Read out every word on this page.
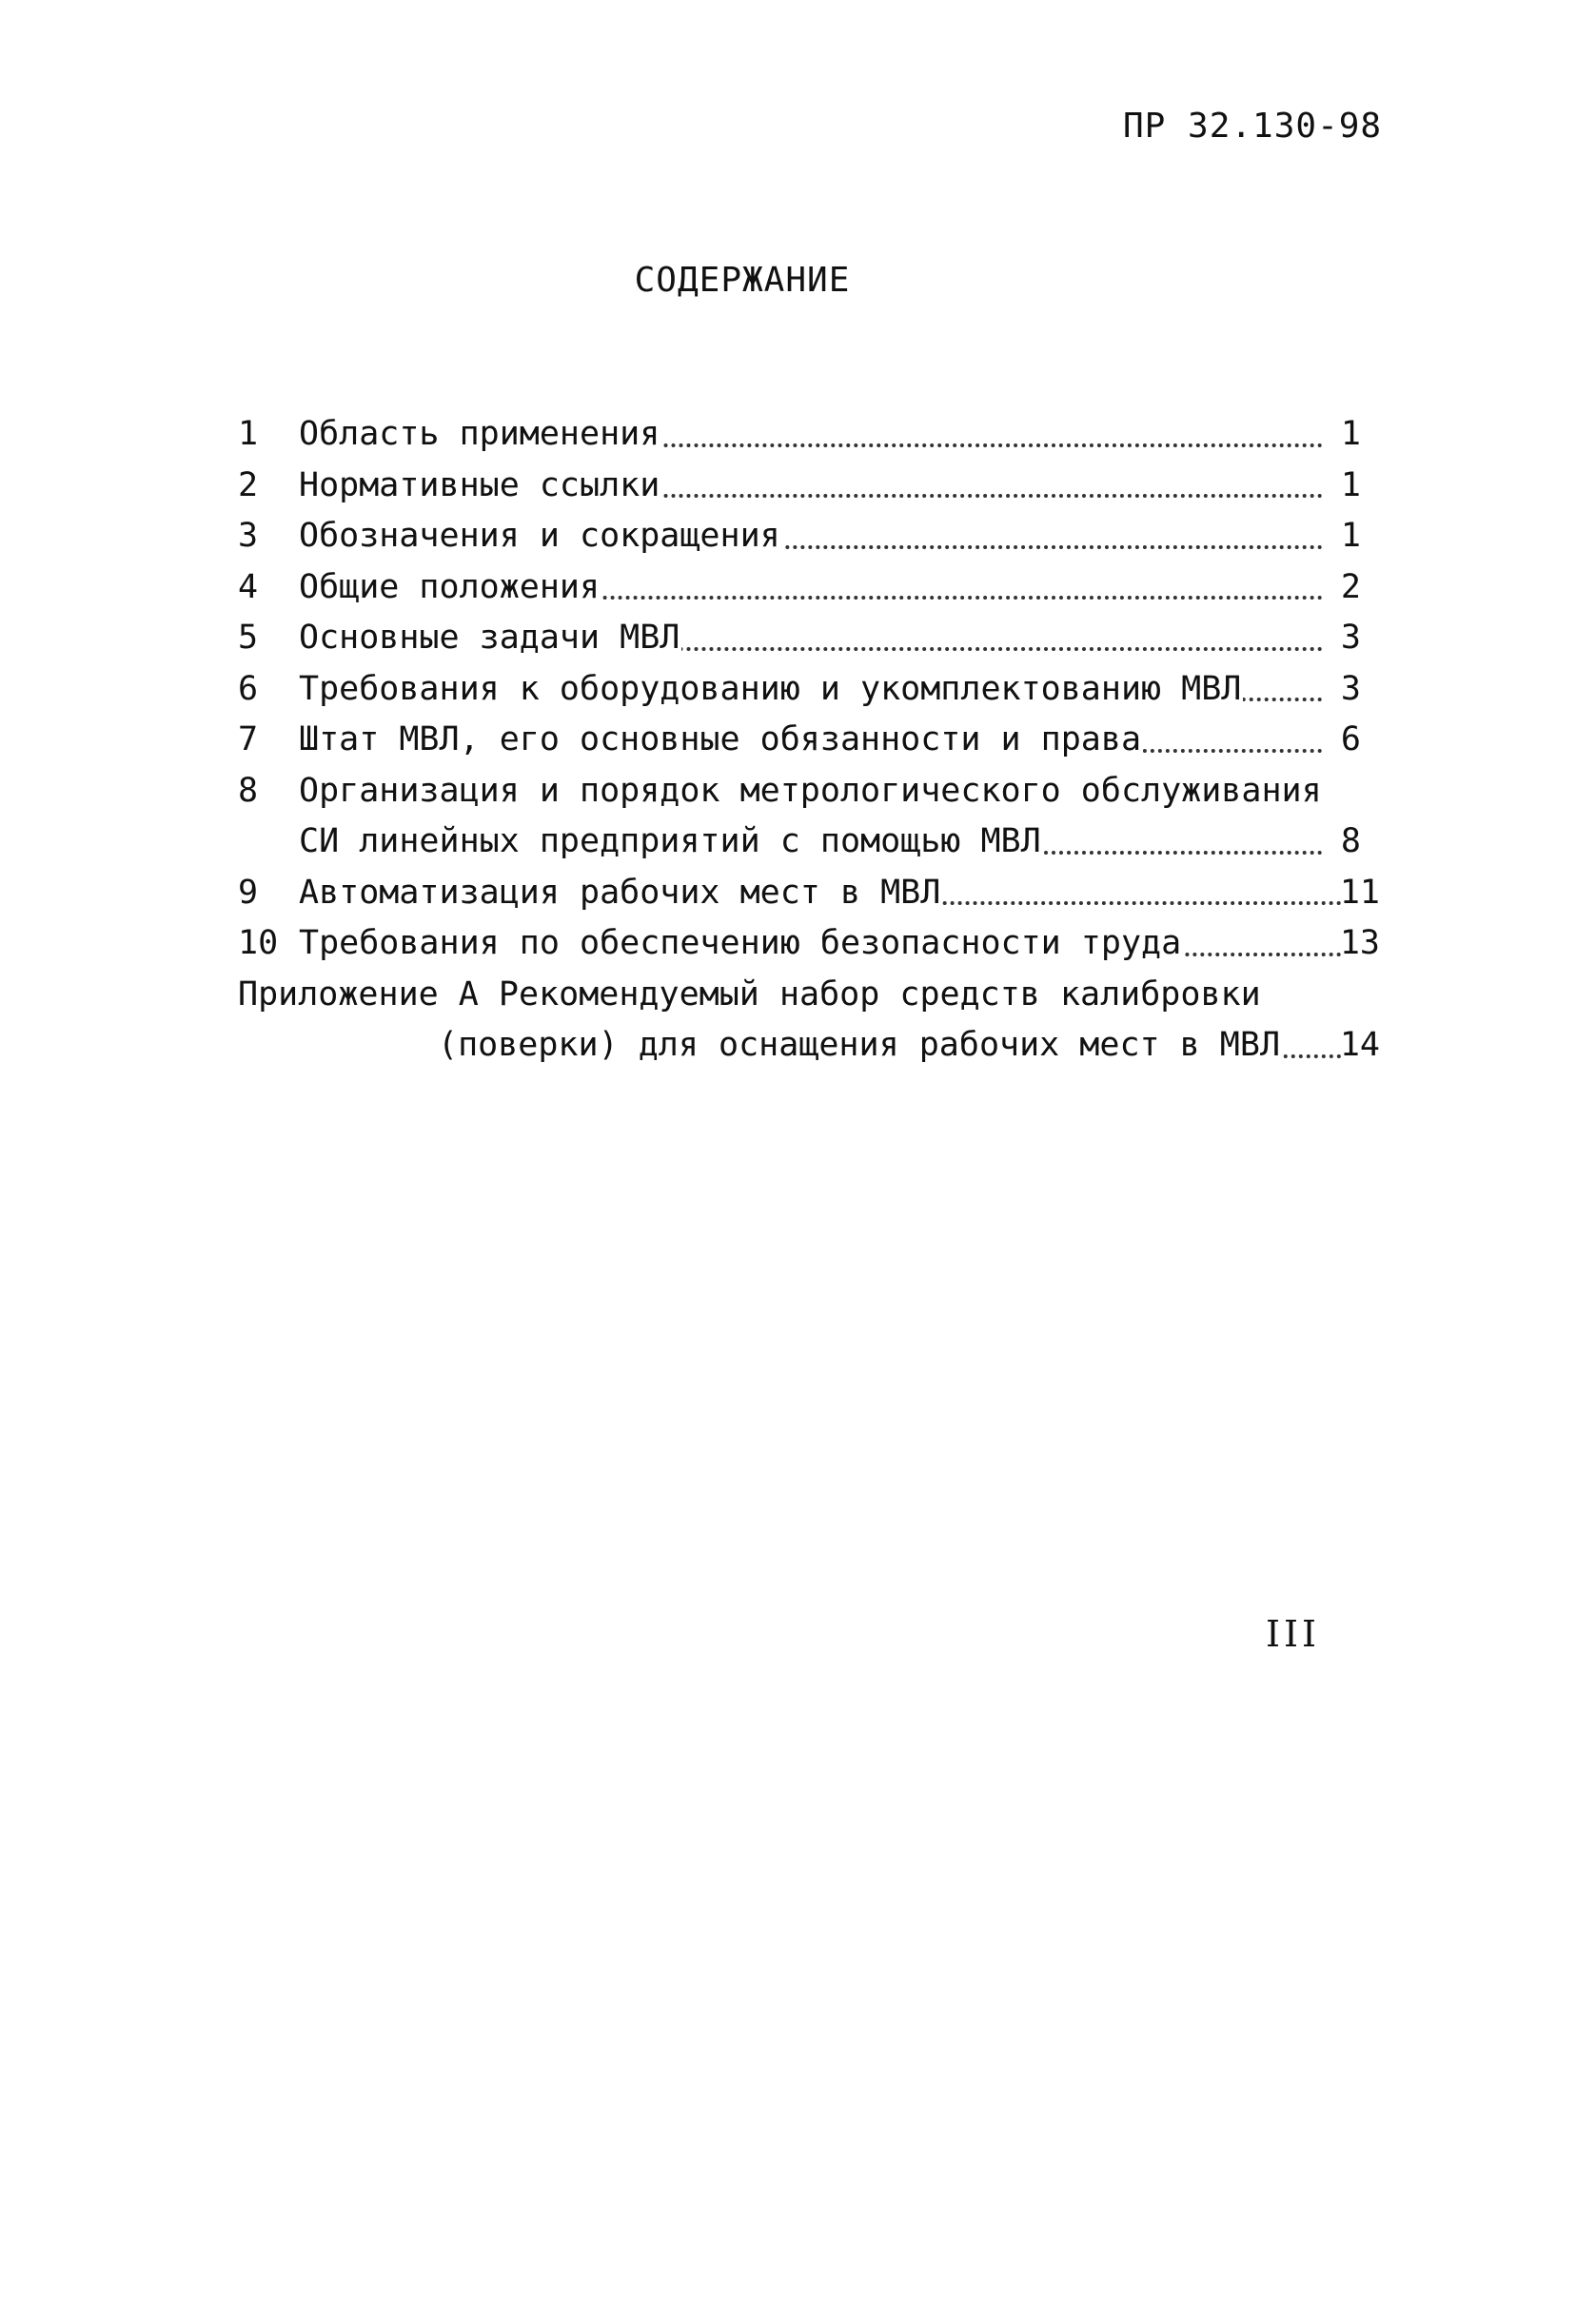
ПР 32.130-98
СОДЕРЖАНИЕ
1 Область применения	1
2 Нормативные ссылки	1
3 Обозначения и сокращения	1
4 Общие положения	2
5 Основные задачи МВЛ	3
6 Требования к оборудованию и укомплектованию МВЛ	3
7 Штат МВЛ, его основные обязанности и права	6
8 Организация и порядок метрологического обслуживания
СИ линейных предприятий с помощью МВЛ	8
9 Автоматизация рабочих мест в МВЛ	11
10 Требования по обеспечению безопасности труда	13
Приложение А Рекомендуемый набор средств калибровки
(поверки) для оснащения рабочих мест в МВЛ	14
III
